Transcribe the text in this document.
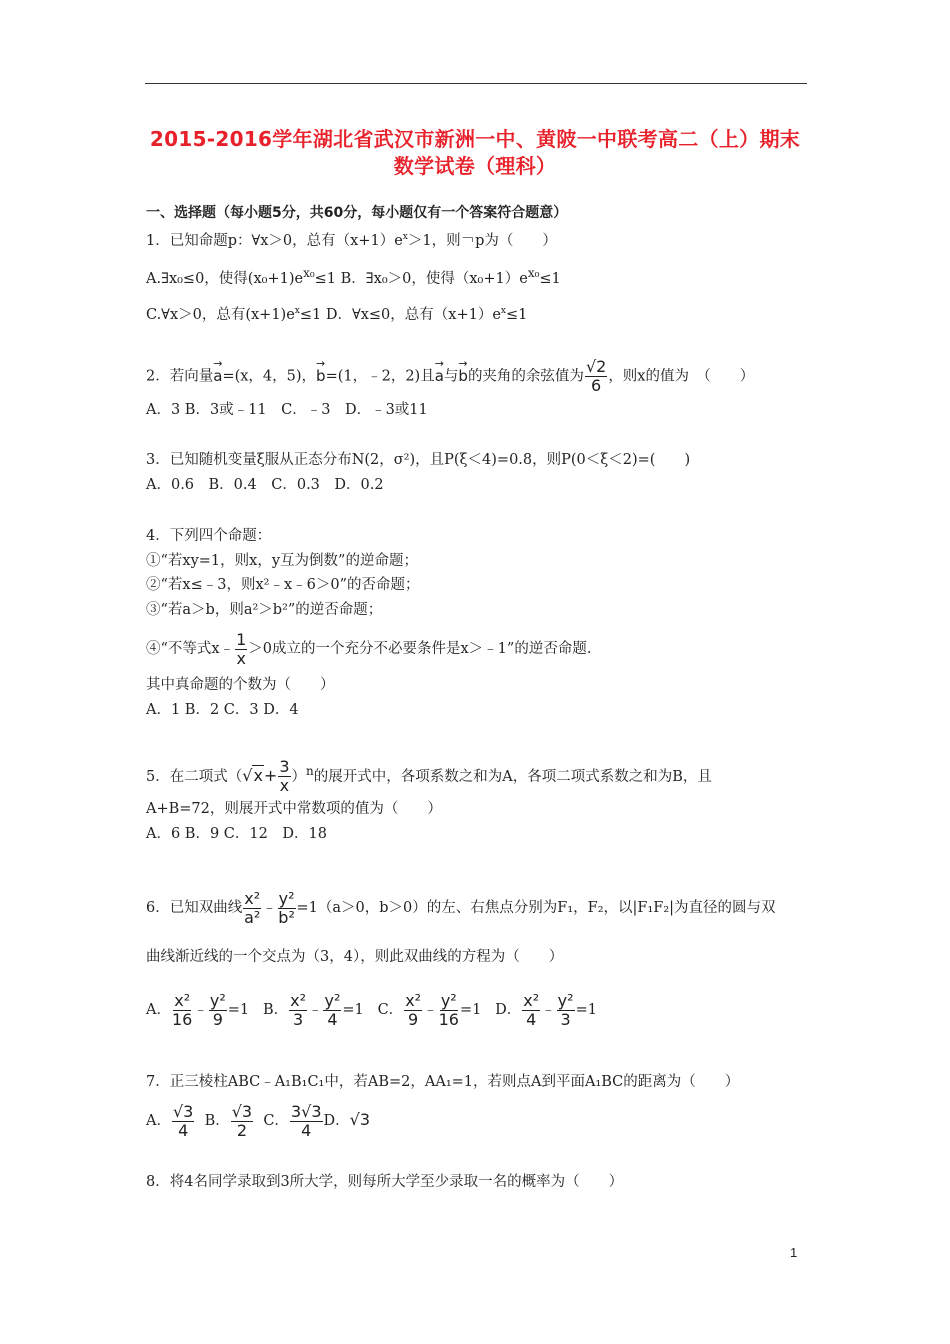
2015-2016学年湖北省武汉市新洲一中、黄陂一中联考高二（上）期末
数学试卷（理科）
一、选择题（每小题5分，共60分，每小题仅有一个答案符合题意）
1．已知命题p：∀x＞0，总有$(x+1)e^x>1$，则￢p为（　　）
A.∃x₀≤0，使得$(x_0+1)e^{x_0}\le 1$ B．∃x₀＞0，使得$(x_0+1)e^{x_0}\le 1$
C.∀x＞0，总有$(x+1)e^x\le 1$ D．∀x≤0，总有$(x+1)e^x\le 1$
2．若向量→ a=(x，4，5)，→ b=(1，﹣2，2)且→ a与→ b的夹角的余弦值为 $\frac{√2}{6}$ ，则x的值为　（　　）
A．3 B．3或﹣11　C．﹣3　D．﹣3或11
3．已知随机变量ξ服从正态分布N(2，σ²)，且P(ξ＜4)=0.8，则P(0＜ξ＜2)=(　　)
A．0.6　B．0.4　C．0.3　D．0.2
4．下列四个命题：
①“若xy=1，则x，y互为倒数”的逆命题；
②“若x≤﹣3，则x²﹣x﹣6＞0”的否命题；
③“若a＞b，则a²＞b²”的逆否命题；
④“不等式x﹣ $\frac{1}{x} >0$成立的一个充分不必要条件是x＞﹣1”的逆否命题.
其中真命题的个数为（　　）
A．1 B．2 C．3 D．4
5．在二项式$(√x+ \frac{3}{x} )^n$的展开式中，各项系数之和为A，各项二项式系数之和为B，且
A+B=72，则展开式中常数项的值为（　　）
A．6 B．9 C．12　D．18
6．已知双曲线 $\frac{\text{x²}}{\text{a²}}$ ﹣ $\frac{\text{y²}}{\text{b²}} =1(a>0$，b＞0）的左、右焦点分别为F₁，F₂，以|F₁F₂|为直径的圆与双
曲线渐近线的一个交点为（3，4），则此双曲线的方程为（　　）
A． $\frac{\text{x²}}{16}$ ﹣ $\frac{\text{y²}}{9} =1$ B． $\frac{\text{x²}}{3}$ ﹣ $\frac{\text{y²}}{4} =1$ C． $\frac{\text{x²}}{9}$ ﹣ $\frac{\text{y²}}{16} =1$ D． $\frac{\text{x²}}{4}$ ﹣ $\frac{\text{y²}}{3} =1$
7．正三棱柱ABC﹣A₁B₁C₁中，若AB=2，AA₁=1，若则点A到平面A₁BC的距离为（　　）
A． $\frac{√3}{4}$ B． $\frac{√3}{2}$ C． $\frac{3√3}{4}$ D．√3
8．将4名同学录取到3所大学，则每所大学至少录取一名的概率为（　　）
1
